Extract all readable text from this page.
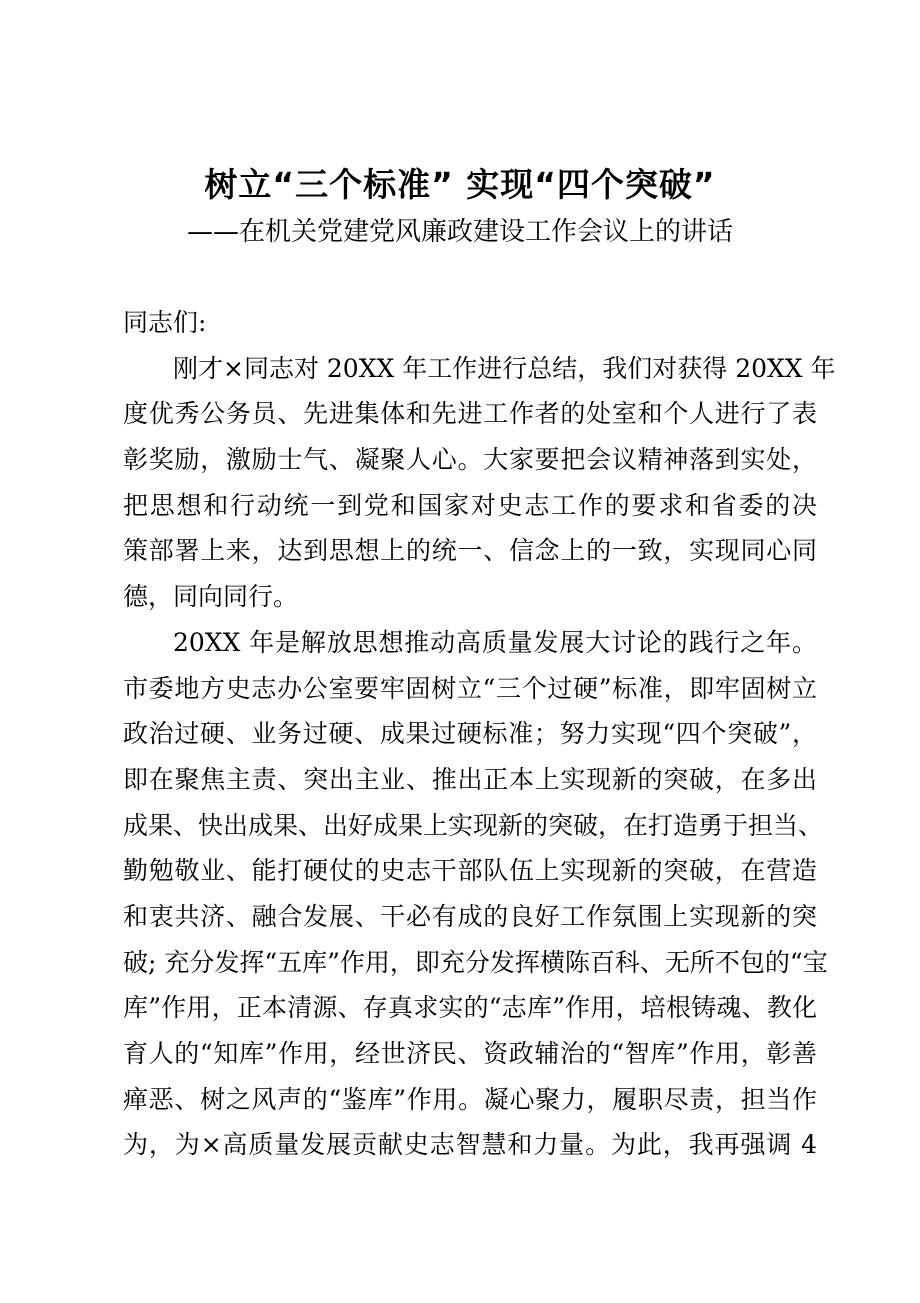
树立“三个标准” 实现“四个突破”
——在机关党建党风廉政建设工作会议上的讲话
同志们:
刚才×同志对 20XX 年工作进行总结，我们对获得 20XX 年
度优秀公务员、先进集体和先进工作者的处室和个人进行了表
彰奖励，激励士气、凝聚人心。大家要把会议精神落到实处，
把思想和行动统一到党和国家对史志工作的要求和省委的决
策部署上来，达到思想上的统一、信念上的一致，实现同心同
德，同向同行。
20XX 年是解放思想推动高质量发展大讨论的践行之年。
市委地方史志办公室要牢固树立“三个过硬”标准，即牢固树立
政治过硬、业务过硬、成果过硬标准；努力实现“四个突破”，
即在聚焦主责、突出主业、推出正本上实现新的突破，在多出
成果、快出成果、出好成果上实现新的突破，在打造勇于担当、
勤勉敬业、能打硬仗的史志干部队伍上实现新的突破，在营造
和衷共济、融合发展、干必有成的良好工作氛围上实现新的突
破; 充分发挥“五库”作用，即充分发挥横陈百科、无所不包的“宝
库”作用，正本清源、存真求实的“志库”作用，培根铸魂、教化
育人的“知库”作用，经世济民、资政辅治的“智库”作用，彰善
瘅恶、树之风声的“鉴库”作用。凝心聚力，履职尽责，担当作
为，为×高质量发展贡献史志智慧和力量。为此，我再强调 4
